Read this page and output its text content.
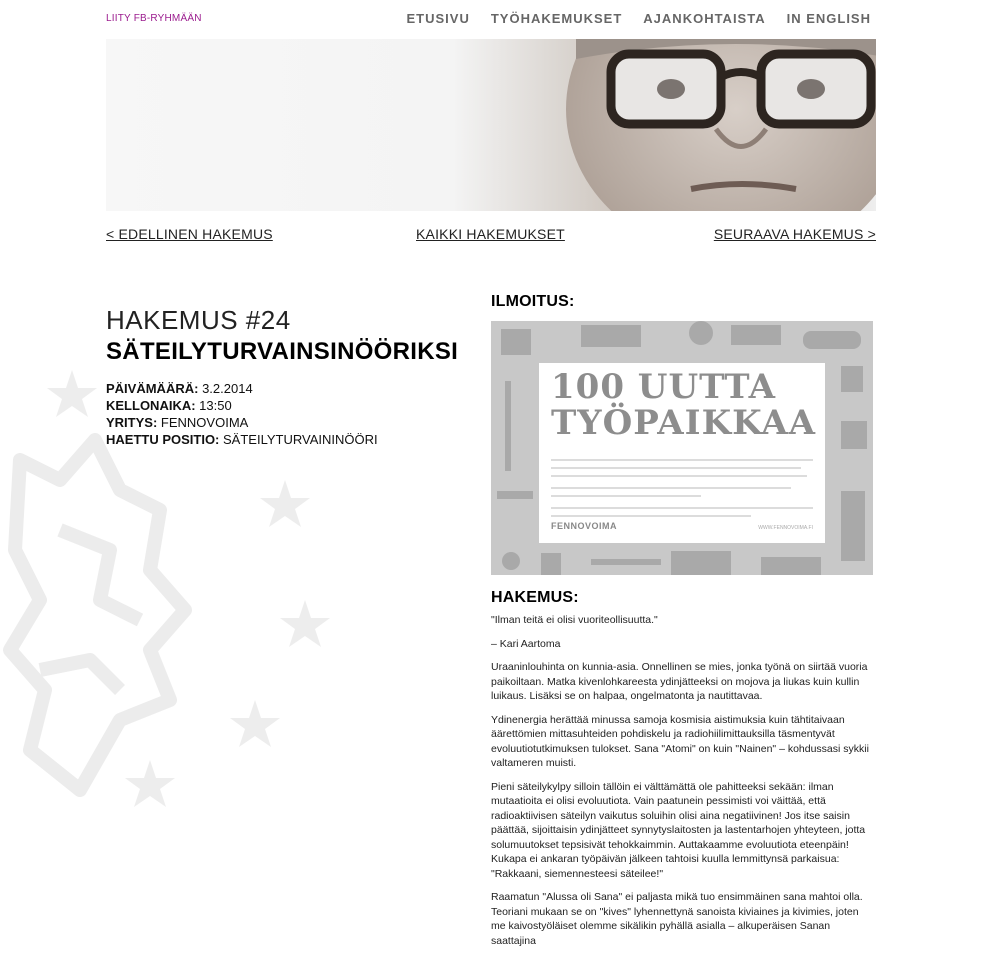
LIITY FB-RYHMÄÄN	ETUSIVU TYÖHAKEMUKSET AJANKOHTAISTA IN ENGLISH
< EDELLINEN HAKEMUS	KAIKKI HAKEMUKSET	SEURAAVA HAKEMUS >
HAKEMUS #24
SÄTEILYTURVAINSINÖÖRIKSI
PÄIVÄMÄÄRÄ: 3.2.2014
KELLONAIKA: 13:50
YRITYS: FENNOVOIMA
HAETTU POSITIO: SÄTEILYTURVAININÖÖRI
ILMOITUS:
100 UUTTA
TYÖPAIKKAA
FENNOVOIMA	WWW.FENNOVOIMA.FI
HAKEMUS:

"Ilman teitä ei olisi vuoriteollisuutta."

– Kari Aartoma

Uraaninlouhinta on kunnia-asia. Onnellinen se mies, jonka työnä on siirtää vuoria paikoiltaan. Matka kivenlohkareesta ydinjätteeksi on mojova ja liukas kuin kullin luikaus. Lisäksi se on halpaa, ongelmatonta ja nautittavaa.

Ydinenergia herättää minussa samoja kosmisia aistimuksia kuin tähtitaivaan äärettömien mittasuhteiden pohdiskelu ja radiohiilimittauksilla täsmentyvät evoluutiotutkimuksen tulokset. Sana "Atomi" on kuin "Nainen" – kohdussasi sykkii valtameren muisti.

Pieni säteilykylpy silloin tällöin ei välttämättä ole pahitteeksi sekään: ilman mutaatioita ei olisi evoluutiota. Vain paatunein pessimisti voi väittää, että radioaktiivisen säteilyn vaikutus soluihin olisi aina negatiivinen! Jos itse saisin päättää, sijoittaisin ydinjätteet synnytyslaitosten ja lastentarhojen yhteyteen, jotta solumuutokset tepsisivät tehokkaimmin. Auttakaamme evoluutiota eteenpäin! Kukapa ei ankaran työpäivän jälkeen tahtoisi kuulla lemmittynsä parkaisua: "Rakkaani, siemennesteesi säteilee!"

Raamatun "Alussa oli Sana" ei paljasta mikä tuo ensimmäinen sana mahtoi olla. Teoriani mukaan se on "kives" lyhennettynä sanoista kiviaines ja kivimies, joten me kaivostyöläiset olemme sikälikin pyhällä asialla – alkuperäisen Sanan saattajina
